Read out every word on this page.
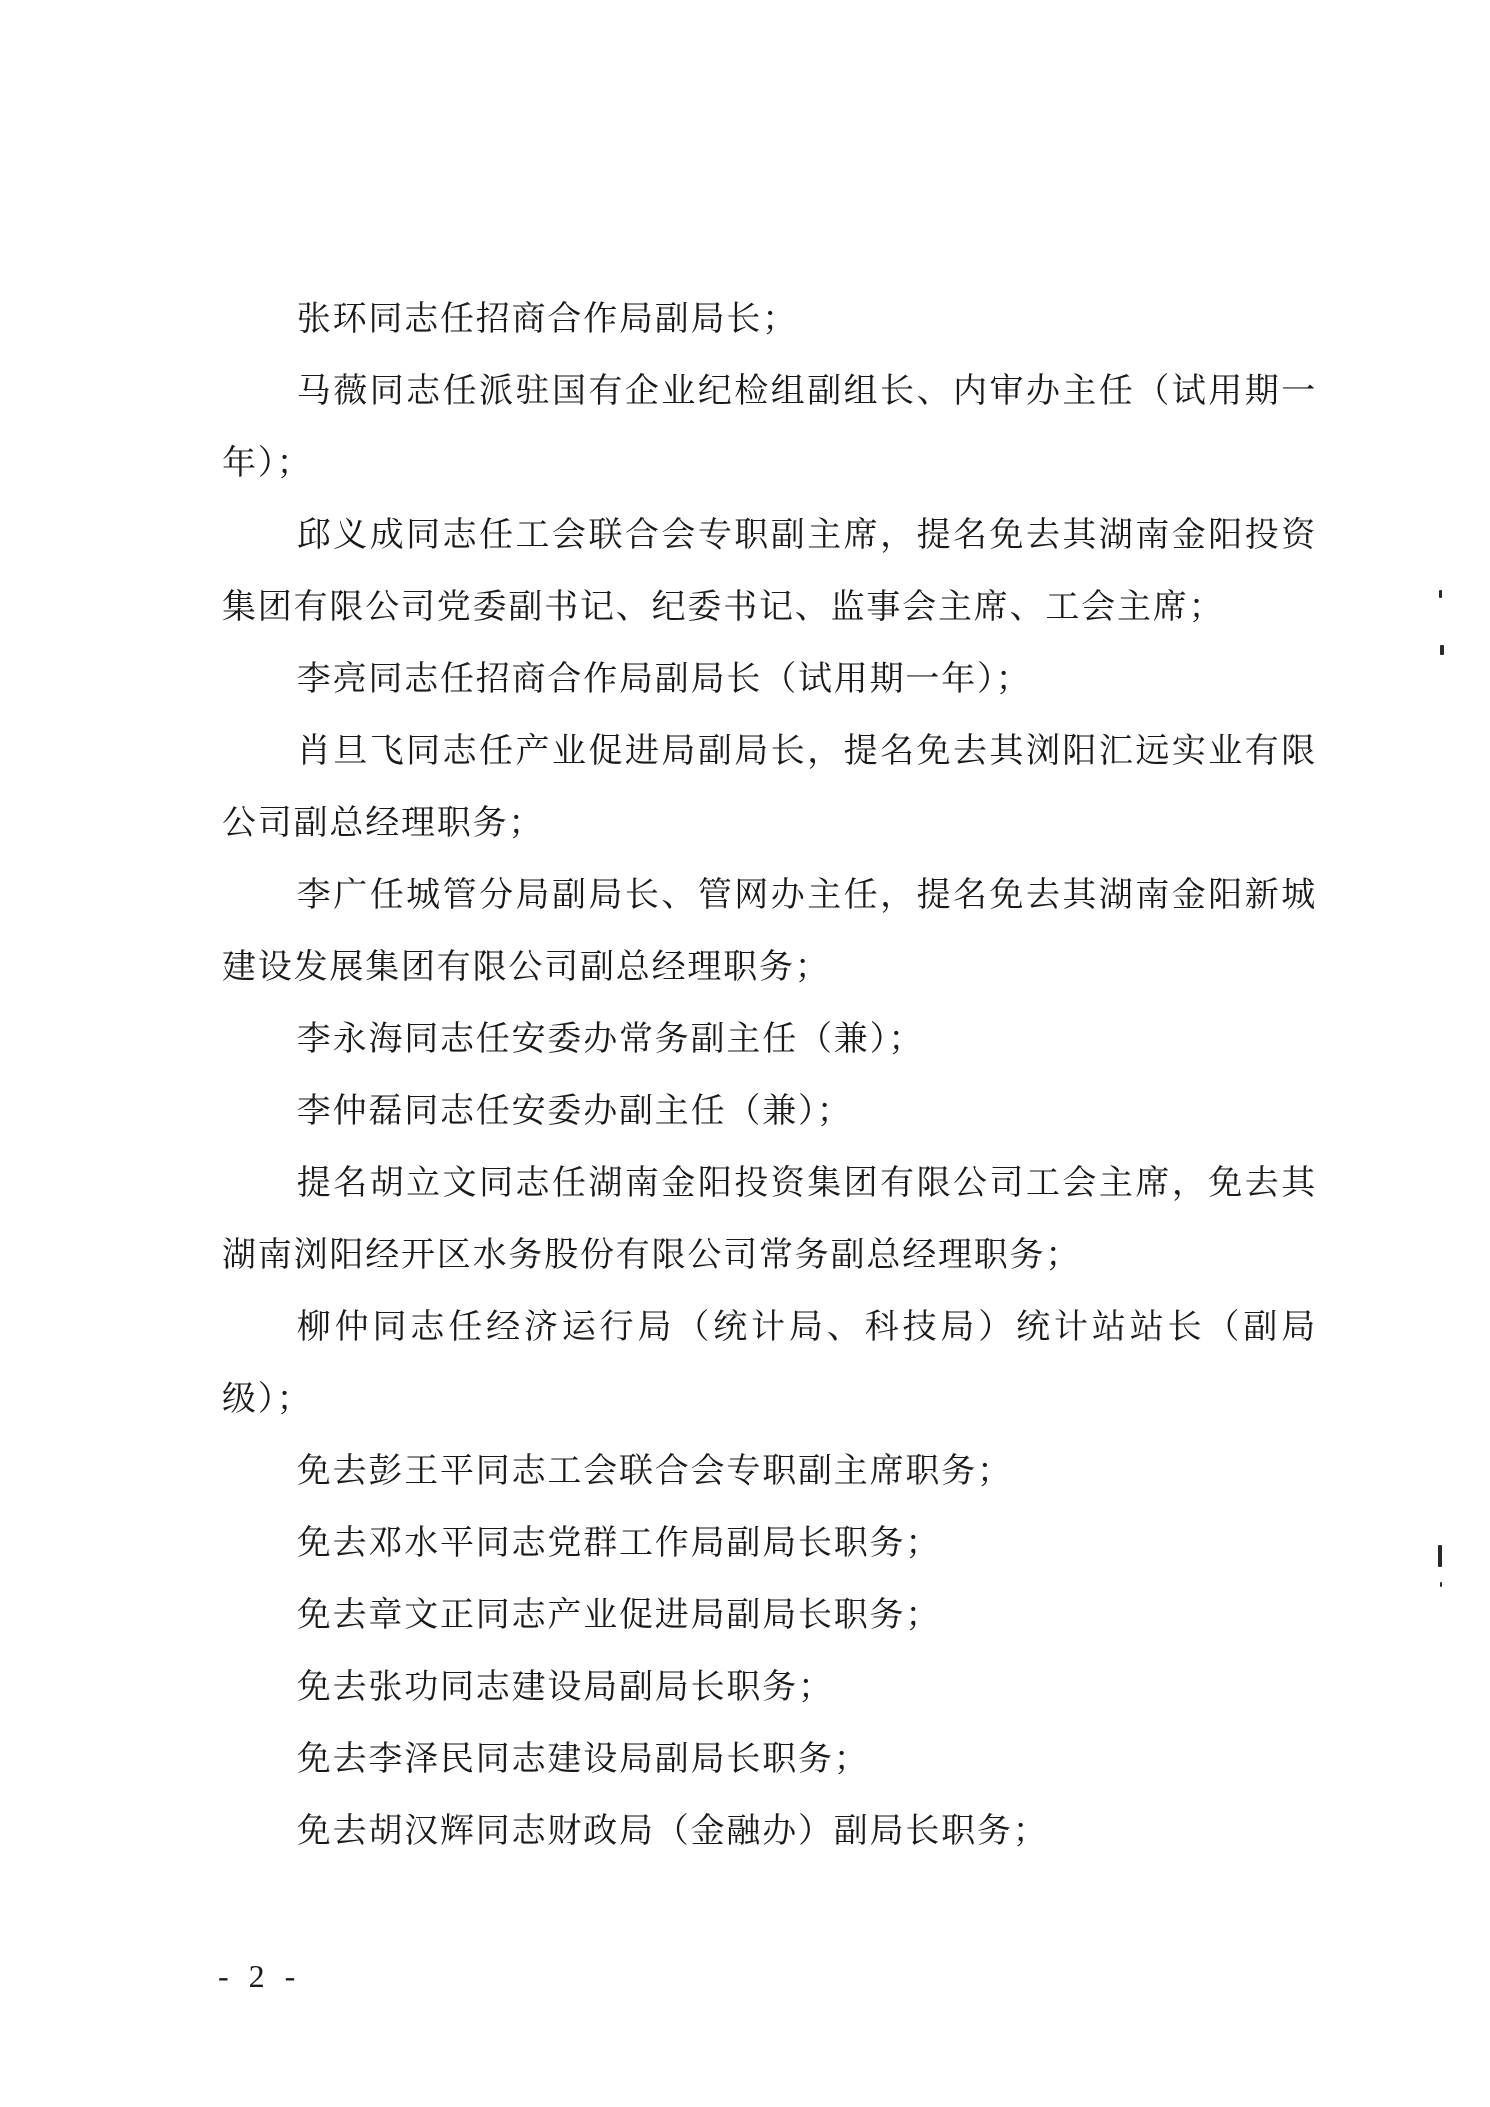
张环同志任招商合作局副局长；

马薇同志任派驻国有企业纪检组副组长、内审办主任（试用期一年）；

邱义成同志任工会联合会专职副主席，提名免去其湖南金阳投资集团有限公司党委副书记、纪委书记、监事会主席、工会主席；

李亮同志任招商合作局副局长（试用期一年）；

肖旦飞同志任产业促进局副局长，提名免去其浏阳汇远实业有限公司副总经理职务；

李广任城管分局副局长、管网办主任，提名免去其湖南金阳新城建设发展集团有限公司副总经理职务；

李永海同志任安委办常务副主任（兼）；

李仲磊同志任安委办副主任（兼）；

提名胡立文同志任湖南金阳投资集团有限公司工会主席，免去其湖南浏阳经开区水务股份有限公司常务副总经理职务；

柳仲同志任经济运行局（统计局、科技局）统计站站长（副局级）；

免去彭王平同志工会联合会专职副主席职务；

免去邓水平同志党群工作局副局长职务；

免去章文正同志产业促进局副局长职务；

免去张功同志建设局副局长职务；

免去李泽民同志建设局副局长职务；

免去胡汉辉同志财政局（金融办）副局长职务；

- 2 -
